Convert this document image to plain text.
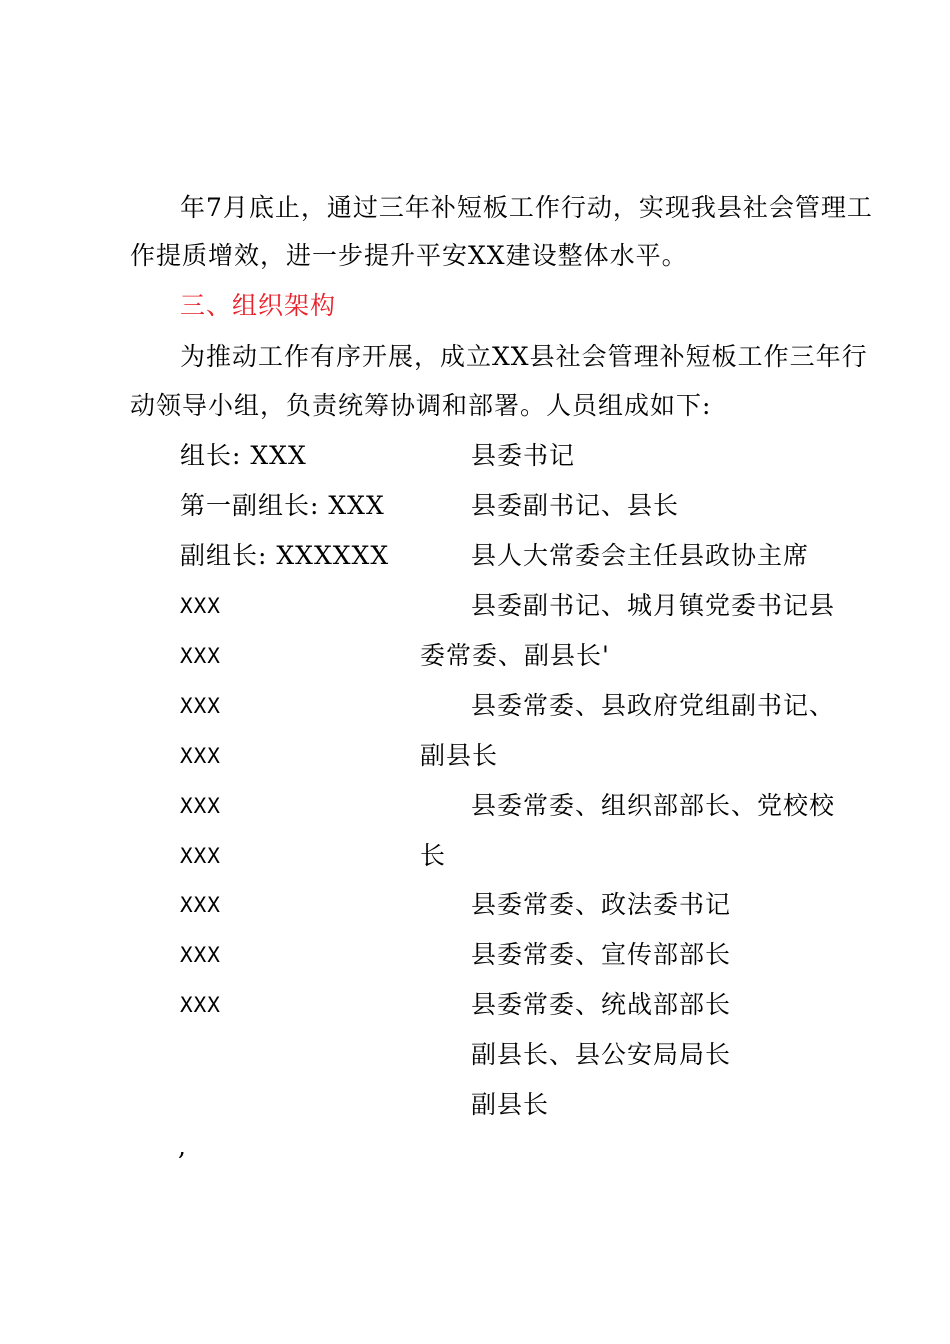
年7月底止，通过三年补短板工作行动，实现我县社会管理工
作提质增效，进一步提升平安XX建设整体水平。
三、组织架构
为推动工作有序开展，成立XX县社会管理补短板工作三年行
动领导小组，负责统筹协调和部署。人员组成如下:
组长: XXX
第一副组长: XXX
副组长: XXXXXX
XXX
XXX
XXX
XXX
XXX
XXX
XXX
XXX
XXX
县委书记
县委副书记、县长
县人大常委会主任县政协主席
县委副书记、城月镇党委书记县
委常委、副县长'
县委常委、县政府党组副书记、
副县长
县委常委、组织部部长、党校校
长
县委常委、政法委书记
县委常委、宣传部部长
县委常委、统战部部长
副县长、县公安局局长
副县长
,
